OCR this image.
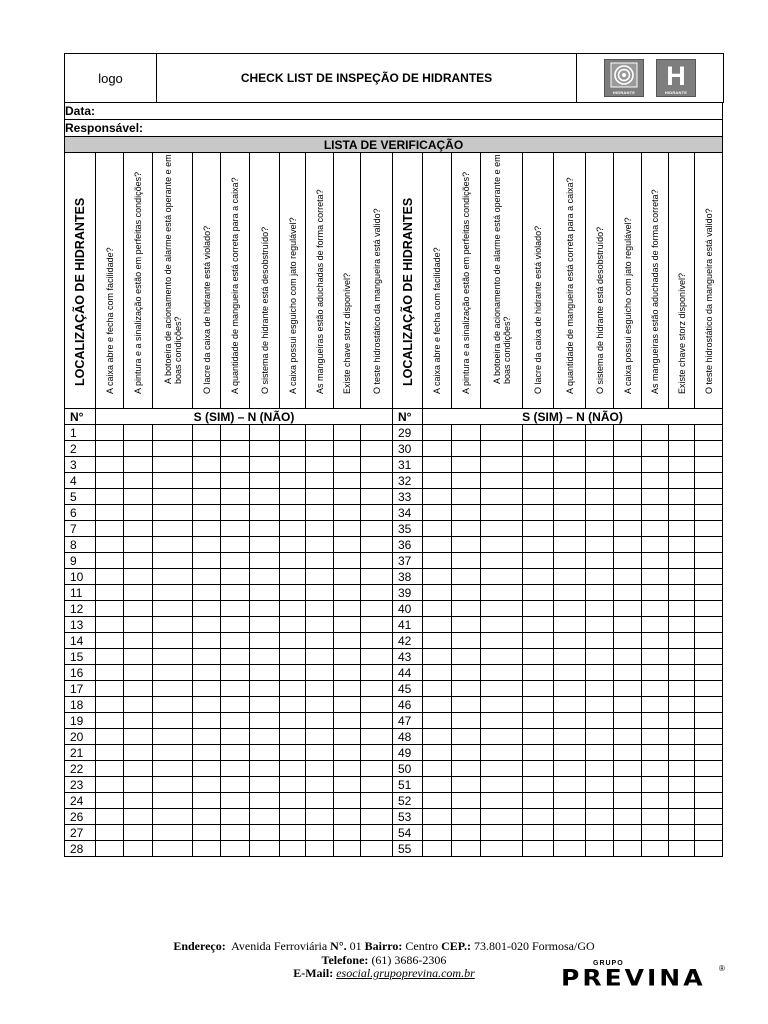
logo	CHECK LIST DE INSPEÇÃO DE HIDRANTES	
HIDRANTE
H
HIDRANTE
Data:
Responsável:
LISTA DE VERIFICAÇÃO
LOCALIZAÇÃO DE HIDRANTES	A caixa abre e fecha com facilidade?	A pintura e a sinalização estão em perfeitas condições?	A botoeira de acionamento de alarme está operante e em boas condições?	O lacre da caixa de hidrante está violado?	A quantidade de mangueira está correta para a caixa?	O sistema de hidrante está desobstruído?	A caixa possui esguicho com jato regulável?	As mangueiras estão aduchadas de forma correta?	Existe chave storz disponível?	O teste hidrostático da mangueira está valido?	LOCALIZAÇÃO DE HIDRANTES	A caixa abre e fecha com facilidade?	A pintura e a sinalização estão em perfeitas condições?	A botoeira de acionamento de alarme está operante e em boas condições?	O lacre da caixa de hidrante está violado?	A quantidade de mangueira está correta para a caixa?	O sistema de hidrante está desobstruído?	A caixa possui esguicho com jato regulável?	As mangueiras estão aduchadas de forma correta?	Existe chave storz disponível?	O teste hidrostático da mangueira está valido?

N°	S (SIM) – N (NÃO)										N°	S (SIM) – N (NÃO)									
1											29										
2											30										
3											31										
4											32										
5											33										
6											34										
7											35										
8											36										
9											37										
10											38										
11											39										
12											40										
13											41										
14											42										
15											43										
16											44										
17											45										
18											46										
19											47										
20											48										
21											49										
22											50										
23											51										
24											52										
26											53										
27											54										
28											55										
Endereço: Avenida Ferroviária N°. 01 Bairro: Centro CEP.: 73.801-020 Formosa/GO
Telefone: (61) 3686-2306
E-Mail: esocial.grupoprevina.com.br
GRUPO
PREVINA ®
